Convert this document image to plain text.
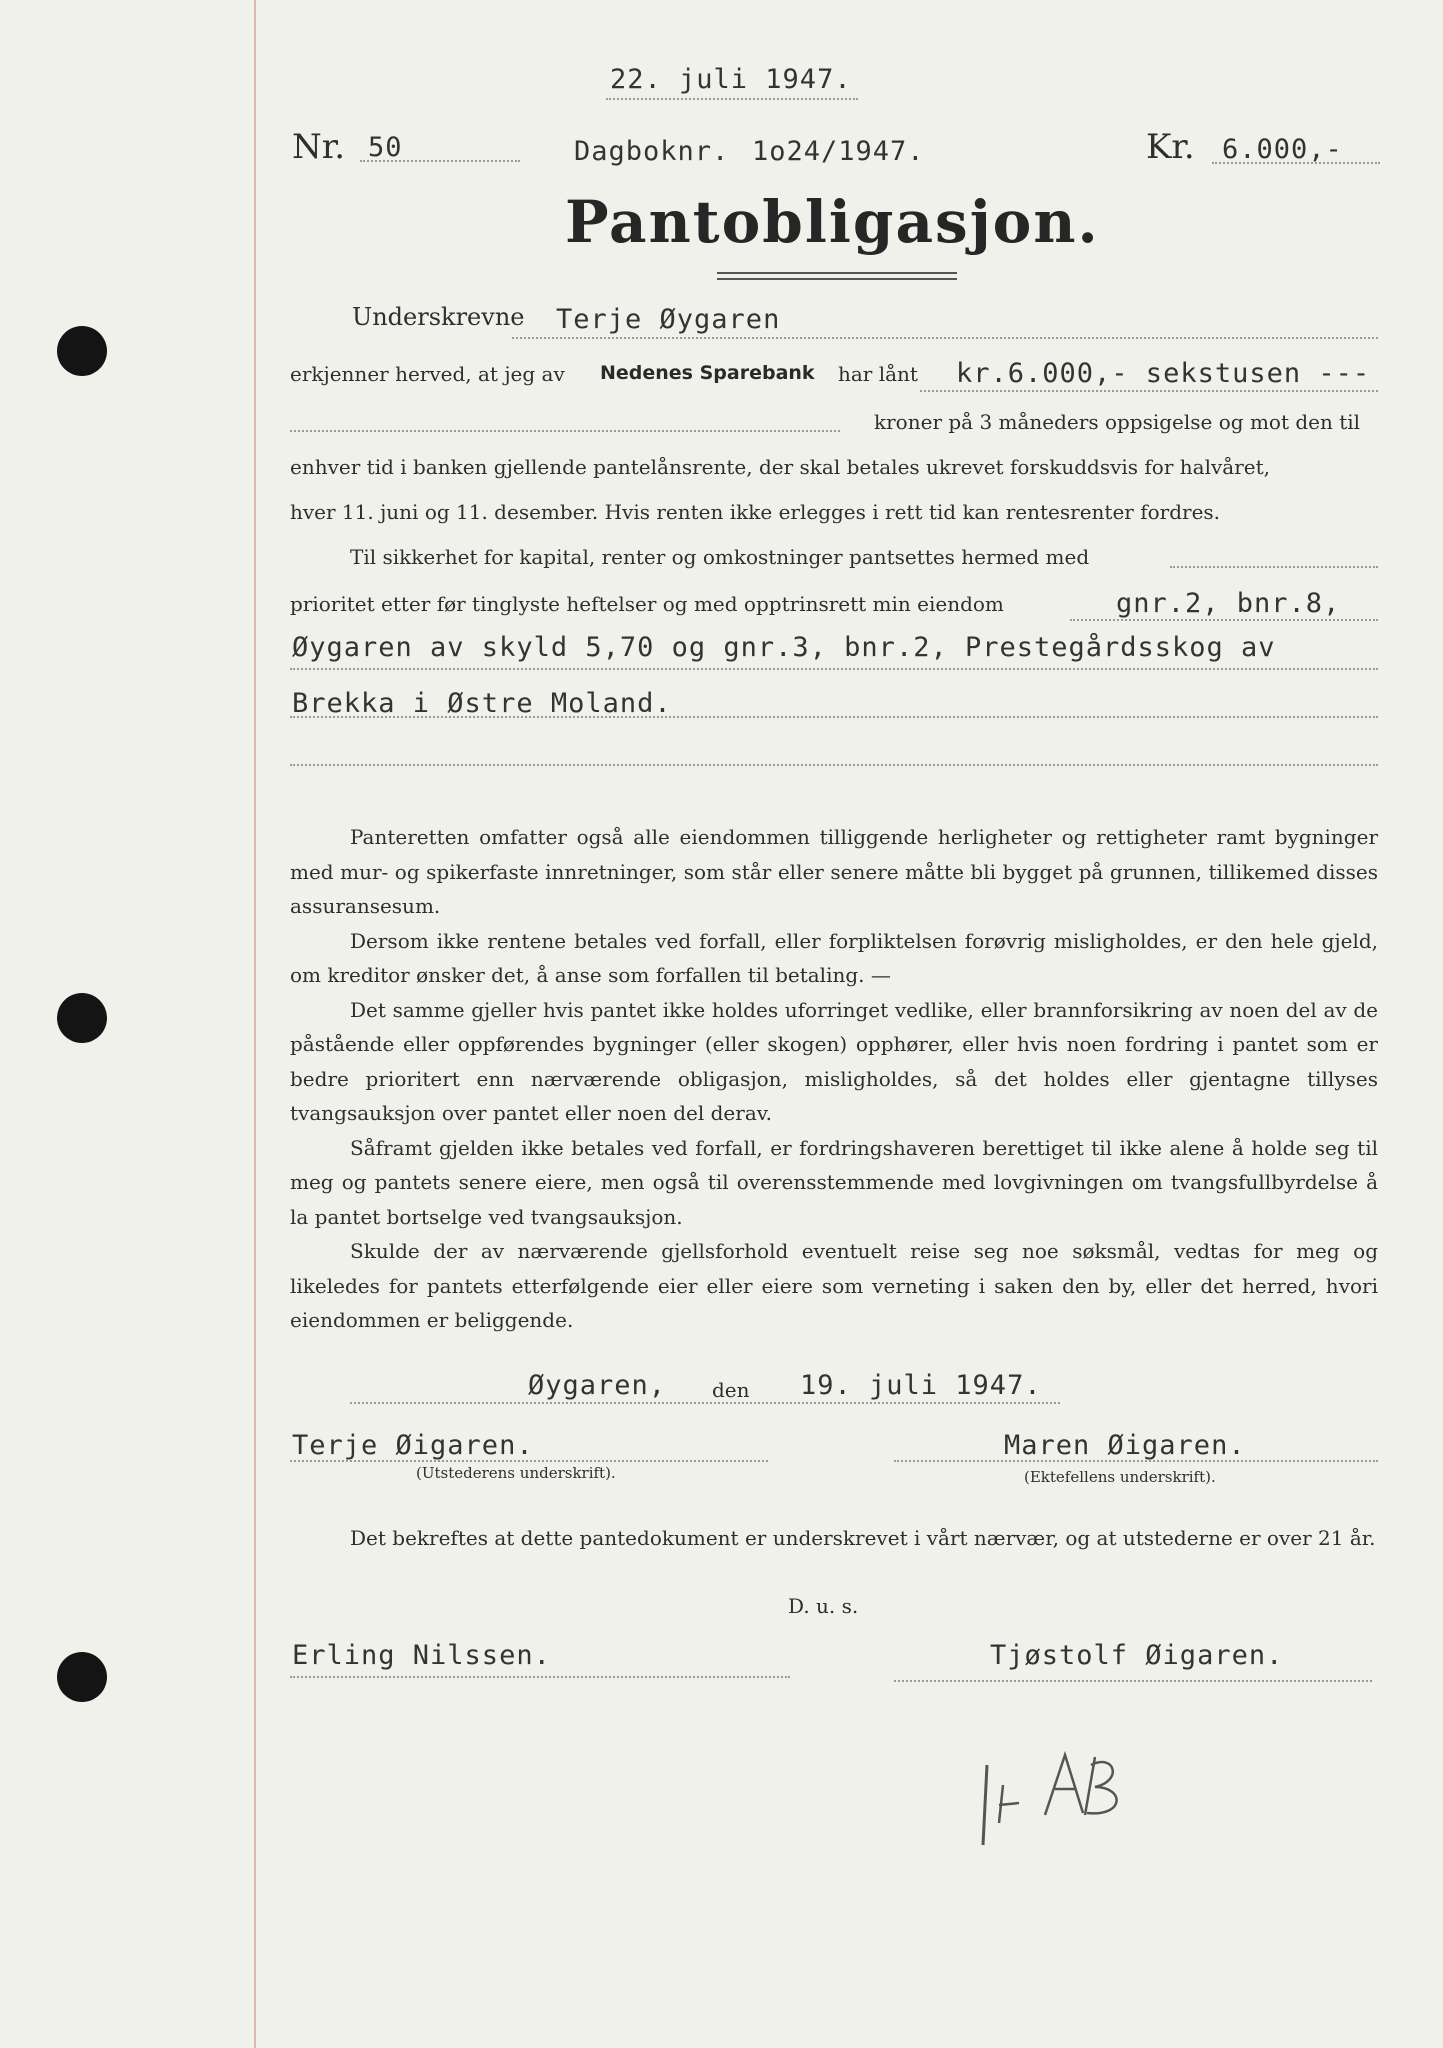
22. juli 1947.
Nr. 50	Dagboknr. 1o24/1947.	Kr. 6.000,-
Pantobligasjon.
Underskrevne Terje Øygaren
erkjenner herved, at jeg av Nedenes Sparebank har lånt kr.6.000,- sekstusen ---
kroner på 3 måneders oppsigelse og mot den til
enhver tid i banken gjellende pantelånsrente, der skal betales ukrevet forskuddsvis for halvåret,
hver 11. juni og 11. desember. Hvis renten ikke erlegges i rett tid kan rentesrenter fordres.
Til sikkerhet for kapital, renter og omkostninger pantsettes hermed med
prioritet etter før tinglyste heftelser og med opptrinsrett min eiendom	gnr.2, bnr.8,
Øygaren av skyld 5,70 og gnr.3, bnr.2, Prestegårdsskog av
Brekka i Østre Moland.

Panteretten omfatter også alle eiendommen tilliggende herligheter og rettigheter ramt bygninger med mur- og spikerfaste innretninger, som står eller senere måtte bli bygget på grunnen, tillikemed disses assuransesum.

Dersom ikke rentene betales ved forfall, eller forpliktelsen forøvrig misligholdes, er den hele gjeld, om kreditor ønsker det, å anse som forfallen til betaling. —

Det samme gjeller hvis pantet ikke holdes uforringet vedlike, eller brannforsikring av noen del av de påstående eller oppførendes bygninger (eller skogen) opphører, eller hvis noen fordring i pantet som er bedre prioritert enn nærværende obligasjon, misligholdes, så det holdes eller gjentagne tillyses tvangsauksjon over pantet eller noen del derav.

Såframt gjelden ikke betales ved forfall, er fordringshaveren berettiget til ikke alene å holde seg til meg og pantets senere eiere, men også til overensstemmende med lovgivningen om tvangsfullbyrdelse å la pantet bortselge ved tvangsauksjon.

Skulde der av nærværende gjellsforhold eventuelt reise seg noe søksmål, vedtas for meg og likeledes for pantets etterfølgende eier eller eiere som verneting i saken den by, eller det herred, hvori eiendommen er beliggende.

Øygaren, den 19. juli 1947.
Terje Øigaren.
(Utstederens underskrift).
Maren Øigaren.
(Ektefellens underskrift).
Det bekreftes at dette pantedokument er underskrevet i vårt nærvær, og at utstederne er over 21 år.
D. u. s.
Erling Nilssen.	Tjøstolf Øigaren.
